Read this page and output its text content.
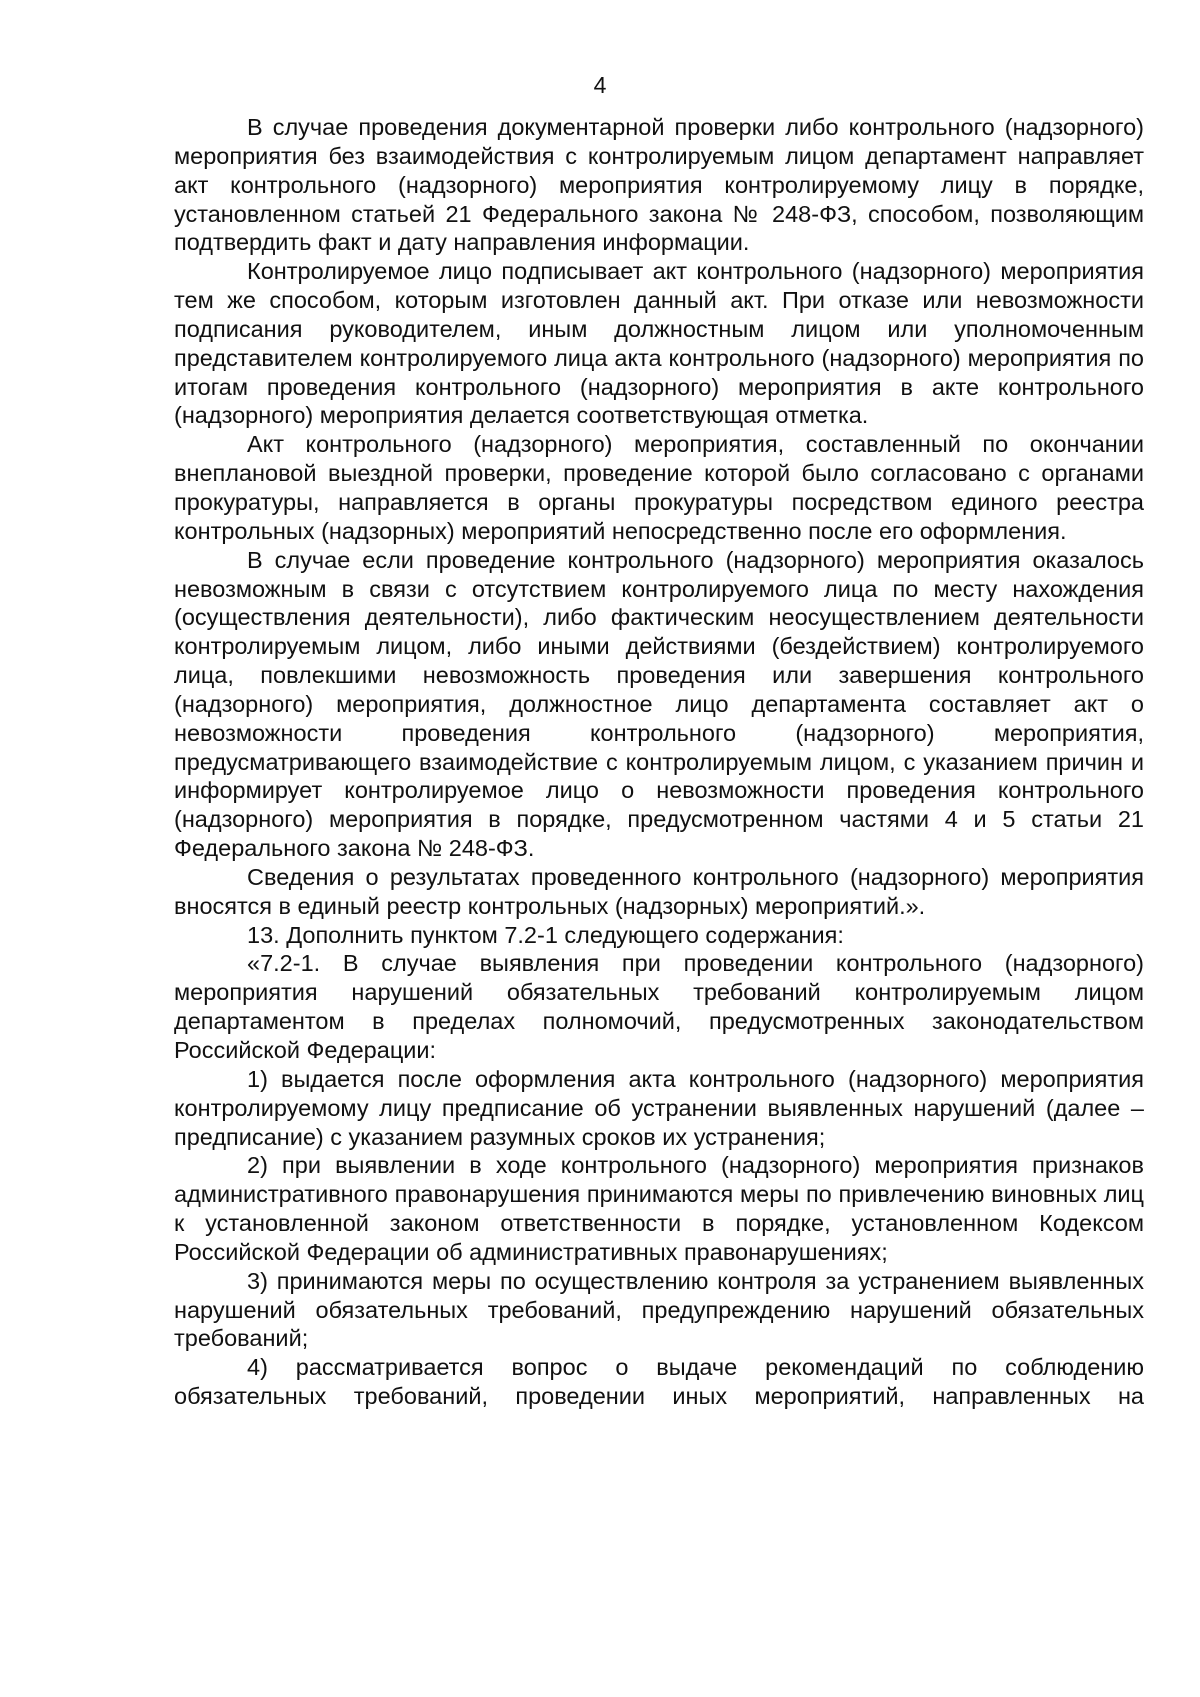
4

В случае проведения документарной проверки либо контрольного (надзорного) мероприятия без взаимодействия с контролируемым лицом департамент направляет акт контрольного (надзорного) мероприятия контролируемому лицу в порядке, установленном статьей 21 Федерального закона № 248-ФЗ, способом, позволяющим подтвердить факт и дату направления информации.

Контролируемое лицо подписывает акт контрольного (надзорного) мероприятия тем же способом, которым изготовлен данный акт. При отказе или невозможности подписания руководителем, иным должностным лицом или уполномоченным представителем контролируемого лица акта контрольного (надзорного) мероприятия по итогам проведения контрольного (надзорного) мероприятия в акте контрольного (надзорного) мероприятия делается соответствующая отметка.

Акт контрольного (надзорного) мероприятия, составленный по окончании внеплановой выездной проверки, проведение которой было согласовано с органами прокуратуры, направляется в органы прокуратуры посредством единого реестра контрольных (надзорных) мероприятий непосредственно после его оформления.

В случае если проведение контрольного (надзорного) мероприятия оказалось невозможным в связи с отсутствием контролируемого лица по месту нахождения (осуществления деятельности), либо фактическим неосуществлением деятельности контролируемым лицом, либо иными действиями (бездействием) контролируемого лица, повлекшими невозможность проведения или завершения контрольного (надзорного) мероприятия, должностное лицо департамента составляет акт о невозможности проведения контрольного (надзорного) мероприятия, предусматривающего взаимодействие с контролируемым лицом, с указанием причин и информирует контролируемое лицо о невозможности проведения контрольного (надзорного) мероприятия в порядке, предусмотренном частями 4 и 5 статьи 21 Федерального закона № 248-ФЗ.

Сведения о результатах проведенного контрольного (надзорного) мероприятия вносятся в единый реестр контрольных (надзорных) мероприятий.».

13. Дополнить пунктом 7.2-1 следующего содержания:

«7.2-1. В случае выявления при проведении контрольного (надзорного) мероприятия нарушений обязательных требований контролируемым лицом департаментом в пределах полномочий, предусмотренных законодательством Российской Федерации:

1) выдается после оформления акта контрольного (надзорного) мероприятия контролируемому лицу предписание об устранении выявленных нарушений (далее – предписание) с указанием разумных сроков их устранения;

2) при выявлении в ходе контрольного (надзорного) мероприятия признаков административного правонарушения принимаются меры по привлечению виновных лиц к установленной законом ответственности в порядке, установленном Кодексом Российской Федерации об административных правонарушениях;

3) принимаются меры по осуществлению контроля за устранением выявленных нарушений обязательных требований, предупреждению нарушений обязательных требований;

4) рассматривается вопрос о выдаче рекомендаций по соблюдению обязательных требований, проведении иных мероприятий, направленных на
